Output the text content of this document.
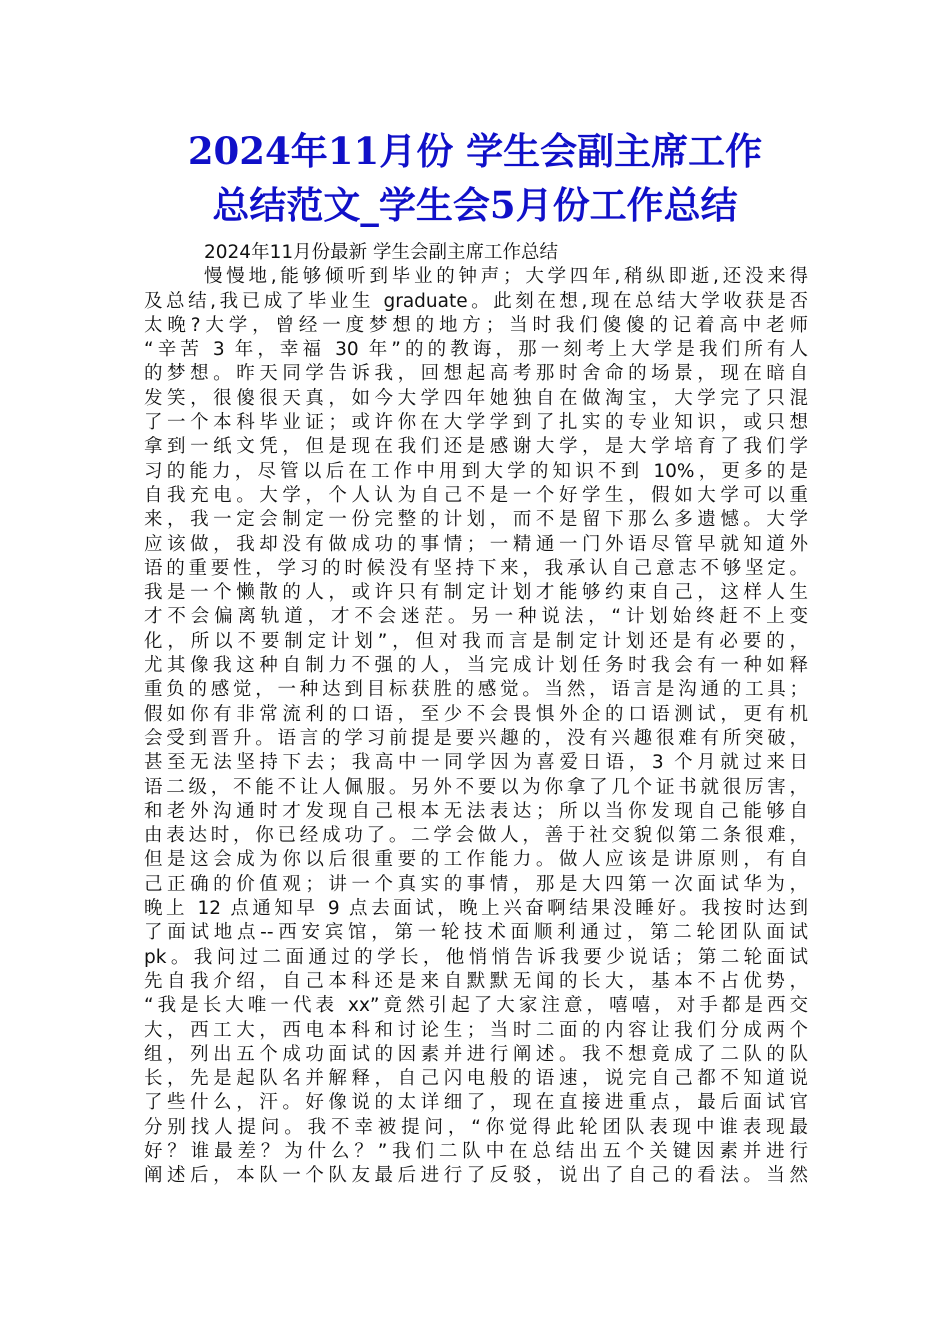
2024年11月份 学生会副主席工作
总结范文_学生会5月份工作总结
2024年11月份最新 学生会副主席工作总结
慢慢地,能够倾听到毕业的钟声；大学四年,稍纵即逝,还没来得
及总结,我已成了毕业生 graduate。此刻在想,现在总结大学收获是否
太晚?大学，曾经一度梦想的地方；当时我们傻傻的记着高中老师
“辛苦 3 年，幸福 30 年”的的教诲，那一刻考上大学是我们所有人
的梦想。昨天同学告诉我，回想起高考那时舍命的场景，现在暗自
发笑，很傻很天真，如今大学四年她独自在做淘宝，大学完了只混
了一个本科毕业证；或许你在大学学到了扎实的专业知识，或只想
拿到一纸文凭，但是现在我们还是感谢大学，是大学培育了我们学
习的能力，尽管以后在工作中用到大学的知识不到 10%，更多的是
自我充电。大学，个人认为自己不是一个好学生，假如大学可以重
来，我一定会制定一份完整的计划，而不是留下那么多遗憾。大学
应该做，我却没有做成功的事情；一精通一门外语尽管早就知道外
语的重要性，学习的时候没有坚持下来，我承认自己意志不够坚定。
我是一个懒散的人，或许只有制定计划才能够约束自己，这样人生
才不会偏离轨道，才不会迷茫。另一种说法，“计划始终赶不上变
化，所以不要制定计划”，但对我而言是制定计划还是有必要的，
尤其像我这种自制力不强的人，当完成计划任务时我会有一种如释
重负的感觉，一种达到目标获胜的感觉。当然，语言是沟通的工具；
假如你有非常流利的口语，至少不会畏惧外企的口语测试，更有机
会受到晋升。语言的学习前提是要兴趣的，没有兴趣很难有所突破，
甚至无法坚持下去；我高中一同学因为喜爱日语，3 个月就过来日
语二级，不能不让人佩服。另外不要以为你拿了几个证书就很厉害，
和老外沟通时才发现自己根本无法表达；所以当你发现自己能够自
由表达时，你已经成功了。二学会做人，善于社交貌似第二条很难，
但是这会成为你以后很重要的工作能力。做人应该是讲原则，有自
己正确的价值观；讲一个真实的事情，那是大四第一次面试华为，
晚上 12 点通知早 9 点去面试，晚上兴奋啊结果没睡好。我按时达到
了面试地点--西安宾馆，第一轮技术面顺利通过，第二轮团队面试
pk。我问过二面通过的学长，他悄悄告诉我要少说话；第二轮面试
先自我介绍，自己本科还是来自默默无闻的长大，基本不占优势，
“我是长大唯一代表 xx”竟然引起了大家注意，嘻嘻，对手都是西交
大，西工大，西电本科和讨论生；当时二面的内容让我们分成两个
组，列出五个成功面试的因素并进行阐述。我不想竟成了二队的队
长，先是起队名并解释，自己闪电般的语速，说完自己都不知道说
了些什么，汗。好像说的太详细了，现在直接进重点，最后面试官
分别找人提问。我不幸被提问，“你觉得此轮团队表现中谁表现最
好？谁最差？为什么？”我们二队中在总结出五个关键因素并进行
阐述后，本队一个队友最后进行了反驳，说出了自己的看法。当然
